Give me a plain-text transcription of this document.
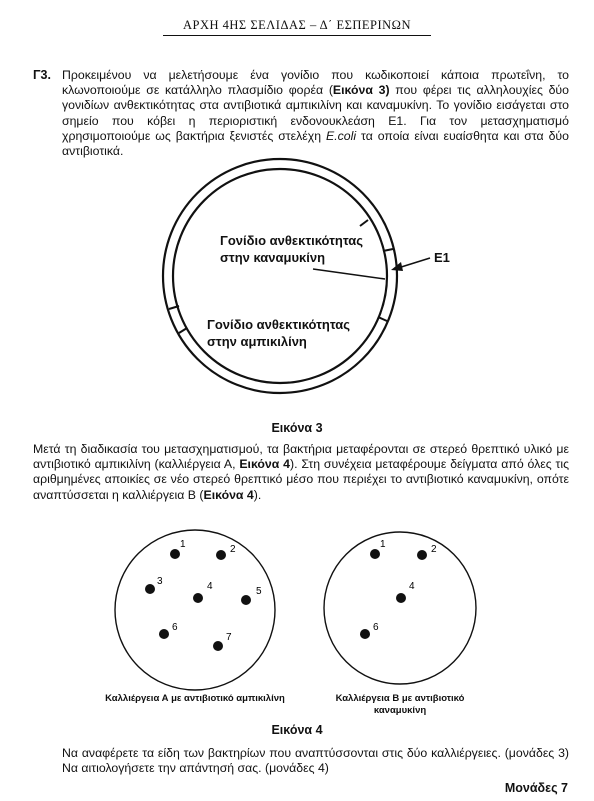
ΑΡΧΗ 4ΗΣ ΣΕΛΙΔΑΣ – Δ΄ ΕΣΠΕΡΙΝΩΝ
Γ3. Προκειμένου να μελετήσουμε ένα γονίδιο που κωδικοποιεί κάποια πρωτεΐνη, το κλωνοποιούμε σε κατάλληλο πλασμίδιο φορέα (Εικόνα 3) που φέρει τις αλληλουχίες δύο γονιδίων ανθεκτικότητας στα αντιβιοτικά αμπικιλίνη και καναμυκίνη. Το γονίδιο εισάγεται στο σημείο που κόβει η περιοριστική ενδονουκλεάση E1. Για τον μετασχηματισμό χρησιμοποιούμε ως βακτήρια ξενιστές στελέχη E.coli τα οποία είναι ευαίσθητα και στα δύο αντιβιοτικά.
Γονίδιο ανθεκτικότητας στην καναμυκίνη
Γονίδιο ανθεκτικότητας στην αμπικιλίνη
E1
Εικόνα 3
Μετά τη διαδικασία του μετασχηματισμού, τα βακτήρια μεταφέρονται σε στερεό θρεπτικό υλικό με αντιβιοτικό αμπικιλίνη (καλλιέργεια Α, Εικόνα 4). Στη συνέχεια μεταφέρουμε δείγματα από όλες τις αριθμημένες αποικίες σε νέο στερεό θρεπτικό μέσο που περιέχει το αντιβιοτικό καναμυκίνη, οπότε αναπτύσσεται η καλλιέργεια Β (Εικόνα 4).
1	2
3	4	5
6
7
1	2
4
6
Καλλιέργεια Α με αντιβιοτικό αμπικιλίνη	Καλλιέργεια Β με αντιβιοτικό καναμυκίνη
Εικόνα 4
Να αναφέρετε τα είδη των βακτηρίων που αναπτύσσονται στις δύο καλλιέργειες. (μονάδες 3) Να αιτιολογήσετε την απάντησή σας. (μονάδες 4)
Μονάδες 7
